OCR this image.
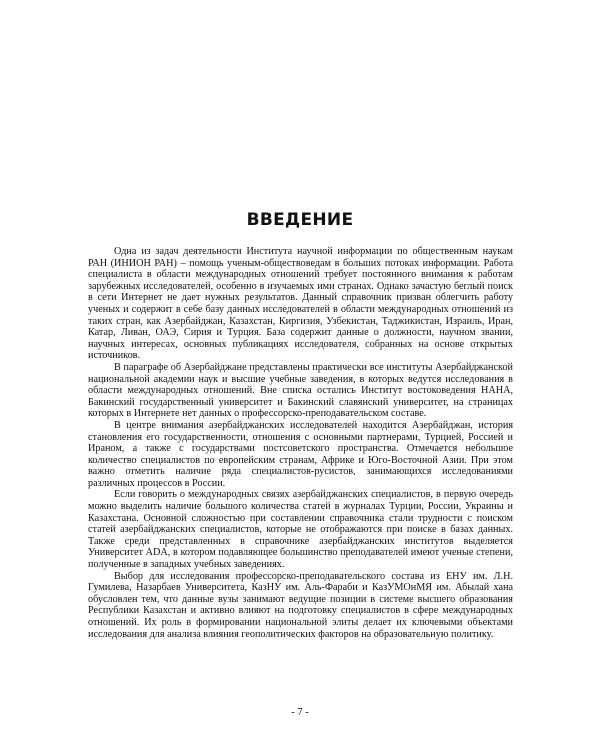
ВВЕДЕНИЕ

Одна из задач деятельности Института научной информации по общественным наукам РАН (ИНИОН РАН) – помощь ученым-обществоведам в больших потоках информации. Работа специалиста в области международных отношений требует постоянного внимания к работам зарубежных исследователей, особенно в изучаемых ими странах. Однако зачастую беглый поиск в сети Интернет не дает нужных результатов. Данный справочник призван облегчить работу ученых и содержит в себе базу данных исследователей в области международных отношений из таких стран, как Азербайджан, Казахстан, Киргизия, Узбекистан, Таджикистан, Израиль, Иран, Катар, Ливан, ОАЭ, Сирия и Турция. База содержит данные о должности, научном звании, научных интересах, основных публикациях исследователя, собранных на основе открытых источников.

В параграфе об Азербайджане представлены практически все институты Азербайджанской национальной академии наук и высшие учебные заведения, в которых ведутся исследования в области международных отношений. Вне списка остались Институт востоковедения НАНА, Бакинский государственный университет и Бакинский славянский университет, на страницах которых в Интернете нет данных о профессорско-преподавательском составе.

В центре внимания азербайджанских исследователей находится Азербайджан, история становления его государственности, отношения с основными партнерами, Турцией, Россией и Ираном, а также с государствами постсоветского пространства. Отмечается небольшое количество специалистов по европейским странам, Африке и Юго-Восточной Азии. При этом важно отметить наличие ряда специалистов-русистов, занимающихся исследованиями различных процессов в России.

Если говорить о международных связях азербайджанских специалистов, в первую очередь можно выделить наличие большого количества статей в журналах Турции, России, Украины и Казахстана. Основной сложностью при составлении справочника стали трудности с поиском статей азербайджанских специалистов, которые не отображаются при поиске в базах данных. Также среди представленных в справочнике азербайджанских институтов выделяется Университет ADA, в котором подавляющее большинство преподавателей имеют ученые степени, полученные в западных учебных заведениях.

Выбор для исследования профессорско-преподавательского состава из ЕНУ им. Л.Н. Гумилева, Назарбаев Университета, КазНУ им. Аль-Фараби и КазУМОнМЯ им. Абылай хана обусловлен тем, что данные вузы занимают ведущие позиции в системе высшего образования Республики Казахстан и активно влияют на подготовку специалистов в сфере международных отношений. Их роль в формировании национальной элиты делает их ключевыми объектами исследования для анализа влияния геополитических факторов на образовательную политику.

- 7 -
